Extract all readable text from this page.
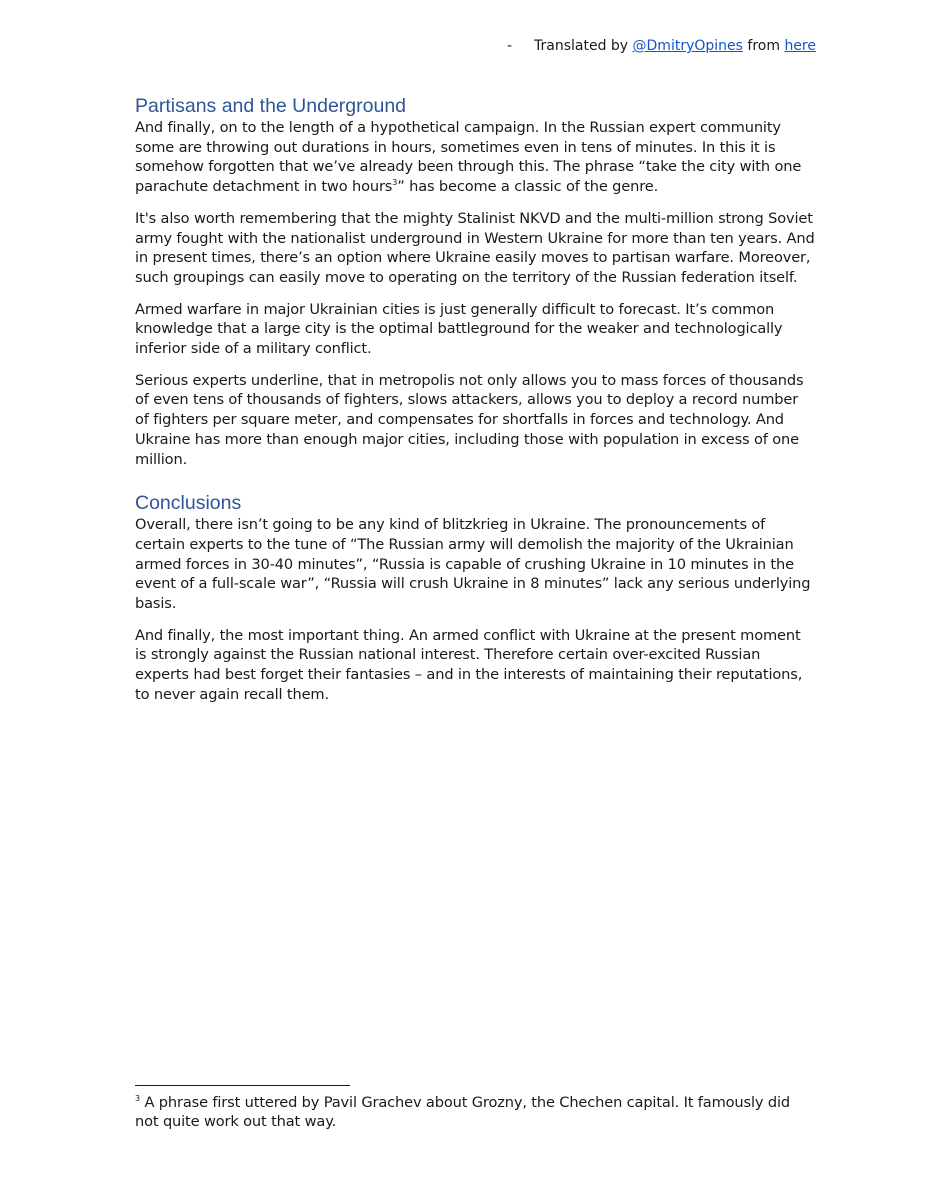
- Translated by @DmitryOpines from here
Partisans and the Underground

And finally, on to the length of a hypothetical campaign. In the Russian expert community some are throwing out durations in hours, sometimes even in tens of minutes. In this it is somehow forgotten that we’ve already been through this. The phrase “take the city with one parachute detachment in two hours$^3$” has become a classic of the genre.

It's also worth remembering that the mighty Stalinist NKVD and the multi-million strong Soviet army fought with the nationalist underground in Western Ukraine for more than ten years. And in present times, there’s an option where Ukraine easily moves to partisan warfare. Moreover, such groupings can easily move to operating on the territory of the Russian federation itself.

Armed warfare in major Ukrainian cities is just generally difficult to forecast. It’s common knowledge that a large city is the optimal battleground for the weaker and technologically inferior side of a military conflict.

Serious experts underline, that in metropolis not only allows you to mass forces of thousands of even tens of thousands of fighters, slows attackers, allows you to deploy a record number of fighters per square meter, and compensates for shortfalls in forces and technology. And Ukraine has more than enough major cities, including those with population in excess of one million.

Conclusions

Overall, there isn’t going to be any kind of blitzkrieg in Ukraine. The pronouncements of certain experts to the tune of “The Russian army will demolish the majority of the Ukrainian armed forces in 30-40 minutes”, “Russia is capable of crushing Ukraine in 10 minutes in the event of a full-scale war”, “Russia will crush Ukraine in 8 minutes” lack any serious underlying basis.

And finally, the most important thing. An armed conflict with Ukraine at the present moment is strongly against the Russian national interest. Therefore certain over-excited Russian experts had best forget their fantasies – and in the interests of maintaining their reputations, to never again recall them.

$^3$ A phrase first uttered by Pavil Grachev about Grozny, the Chechen capital. It famously did not quite work out that way.
